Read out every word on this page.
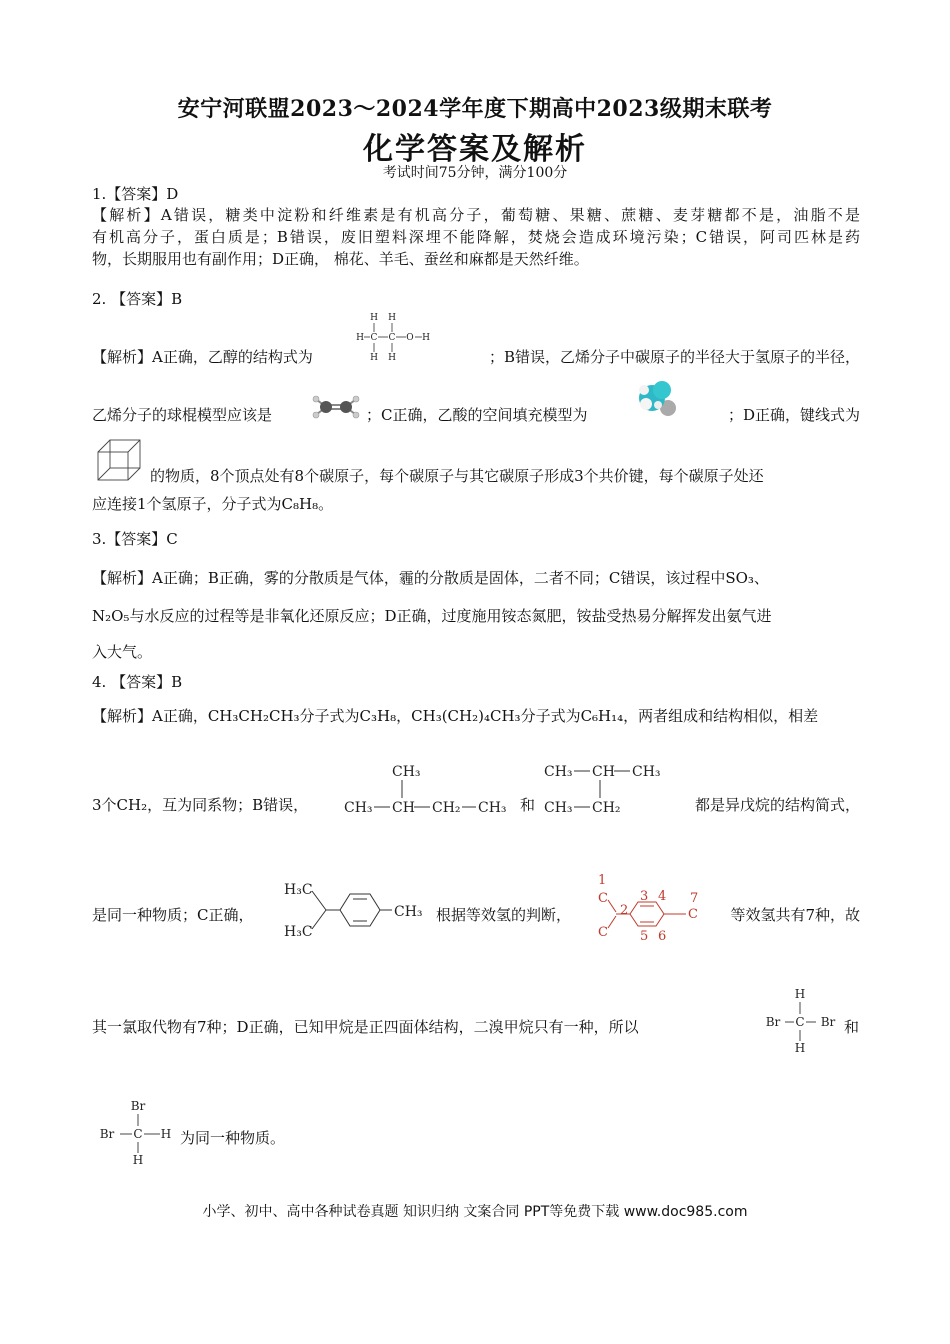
安宁河联盟2023～2024学年度下期高中2023级期末联考
化学答案及解析
考试时间75分钟，满分100分
1.【答案】D
【解析】A错误，糖类中淀粉和纤维素是有机高分子，葡萄糖、果糖、蔗糖、麦芽糖都不是，油脂不是
有机高分子，蛋白质是；B错误，废旧塑料深埋不能降解，焚烧会造成环境污染；C错误，阿司匹林是药
物，长期服用也有副作用；D正确， 棉花、羊毛、蚕丝和麻都是天然纤维。
2. 【答案】B
【解析】A正确，乙醇的结构式为
H H
H C C O H
H H	；B错误，乙烯分子中碳原子的半径大于氢原子的半径，
乙烯分子的球棍模型应该是	；C正确，乙酸的空间填充模型为	；D正确，键线式为
的物质，8个顶点处有8个碳原子，每个碳原子与其它碳原子形成3个共价键，每个碳原子处还
应连接1个氢原子，分子式为C₈H₈。
3.【答案】C
【解析】A正确；B正确，雾的分散质是气体，霾的分散质是固体，二者不同；C错误，该过程中SO₃、
N₂O₅与水反应的过程等是非氧化还原反应；D正确，过度施用铵态氮肥，铵盐受热易分解挥发出氨气进
入大气。
4. 【答案】B
【解析】A正确，CH₃CH₂CH₃分子式为C₃H₈，CH₃(CH₂)₄CH₃分子式为C₆H₁₄，两者组成和结构相似，相差
3个CH₂，互为同系物；B错误，
CH₃
CH₃ CH CH₂ CH₃ 和
CH₃ CH CH₃
CH₃ CH₂	都是异戊烷的结构简式，
是同一种物质；C正确，
H₃C
H₃C
CH₃ 根据等效氢的判断，
1
C
2
C
3 4
5 6
7
C	等效氢共有7种，故
其一氯取代物有7种；D正确，已知甲烷是正四面体结构，二溴甲烷只有一种，所以
H
Br C Br
H
和
Br
Br C H
H
为同一种物质。
小学、初中、高中各种试卷真题 知识归纳 文案合同 PPT等免费下载 www.doc985.com
